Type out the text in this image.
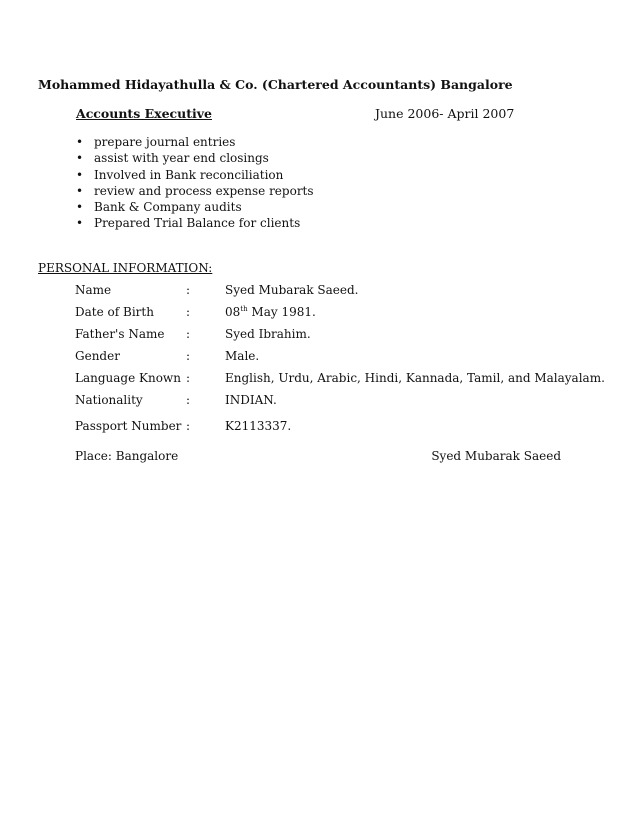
Mohammed Hidayathulla & Co. (Chartered Accountants) Bangalore
Accounts Executive	June 2006- April 2007
• prepare journal entries
• assist with year end closings
• Involved in Bank reconciliation
• review and process expense reports
• Bank & Company audits
• Prepared Trial Balance for clients
PERSONAL INFORMATION:
Name	:	Syed Mubarak Saeed.
Date of Birth	:	08th May 1981.
Father's Name :	Syed Ibrahim.
Gender	:	Male.
Language Known :	English, Urdu, Arabic, Hindi, Kannada, Tamil, and Malayalam.
Nationality	:	INDIAN.
Passport Number :	K2113337.
Place: Bangalore	Syed Mubarak Saeed
